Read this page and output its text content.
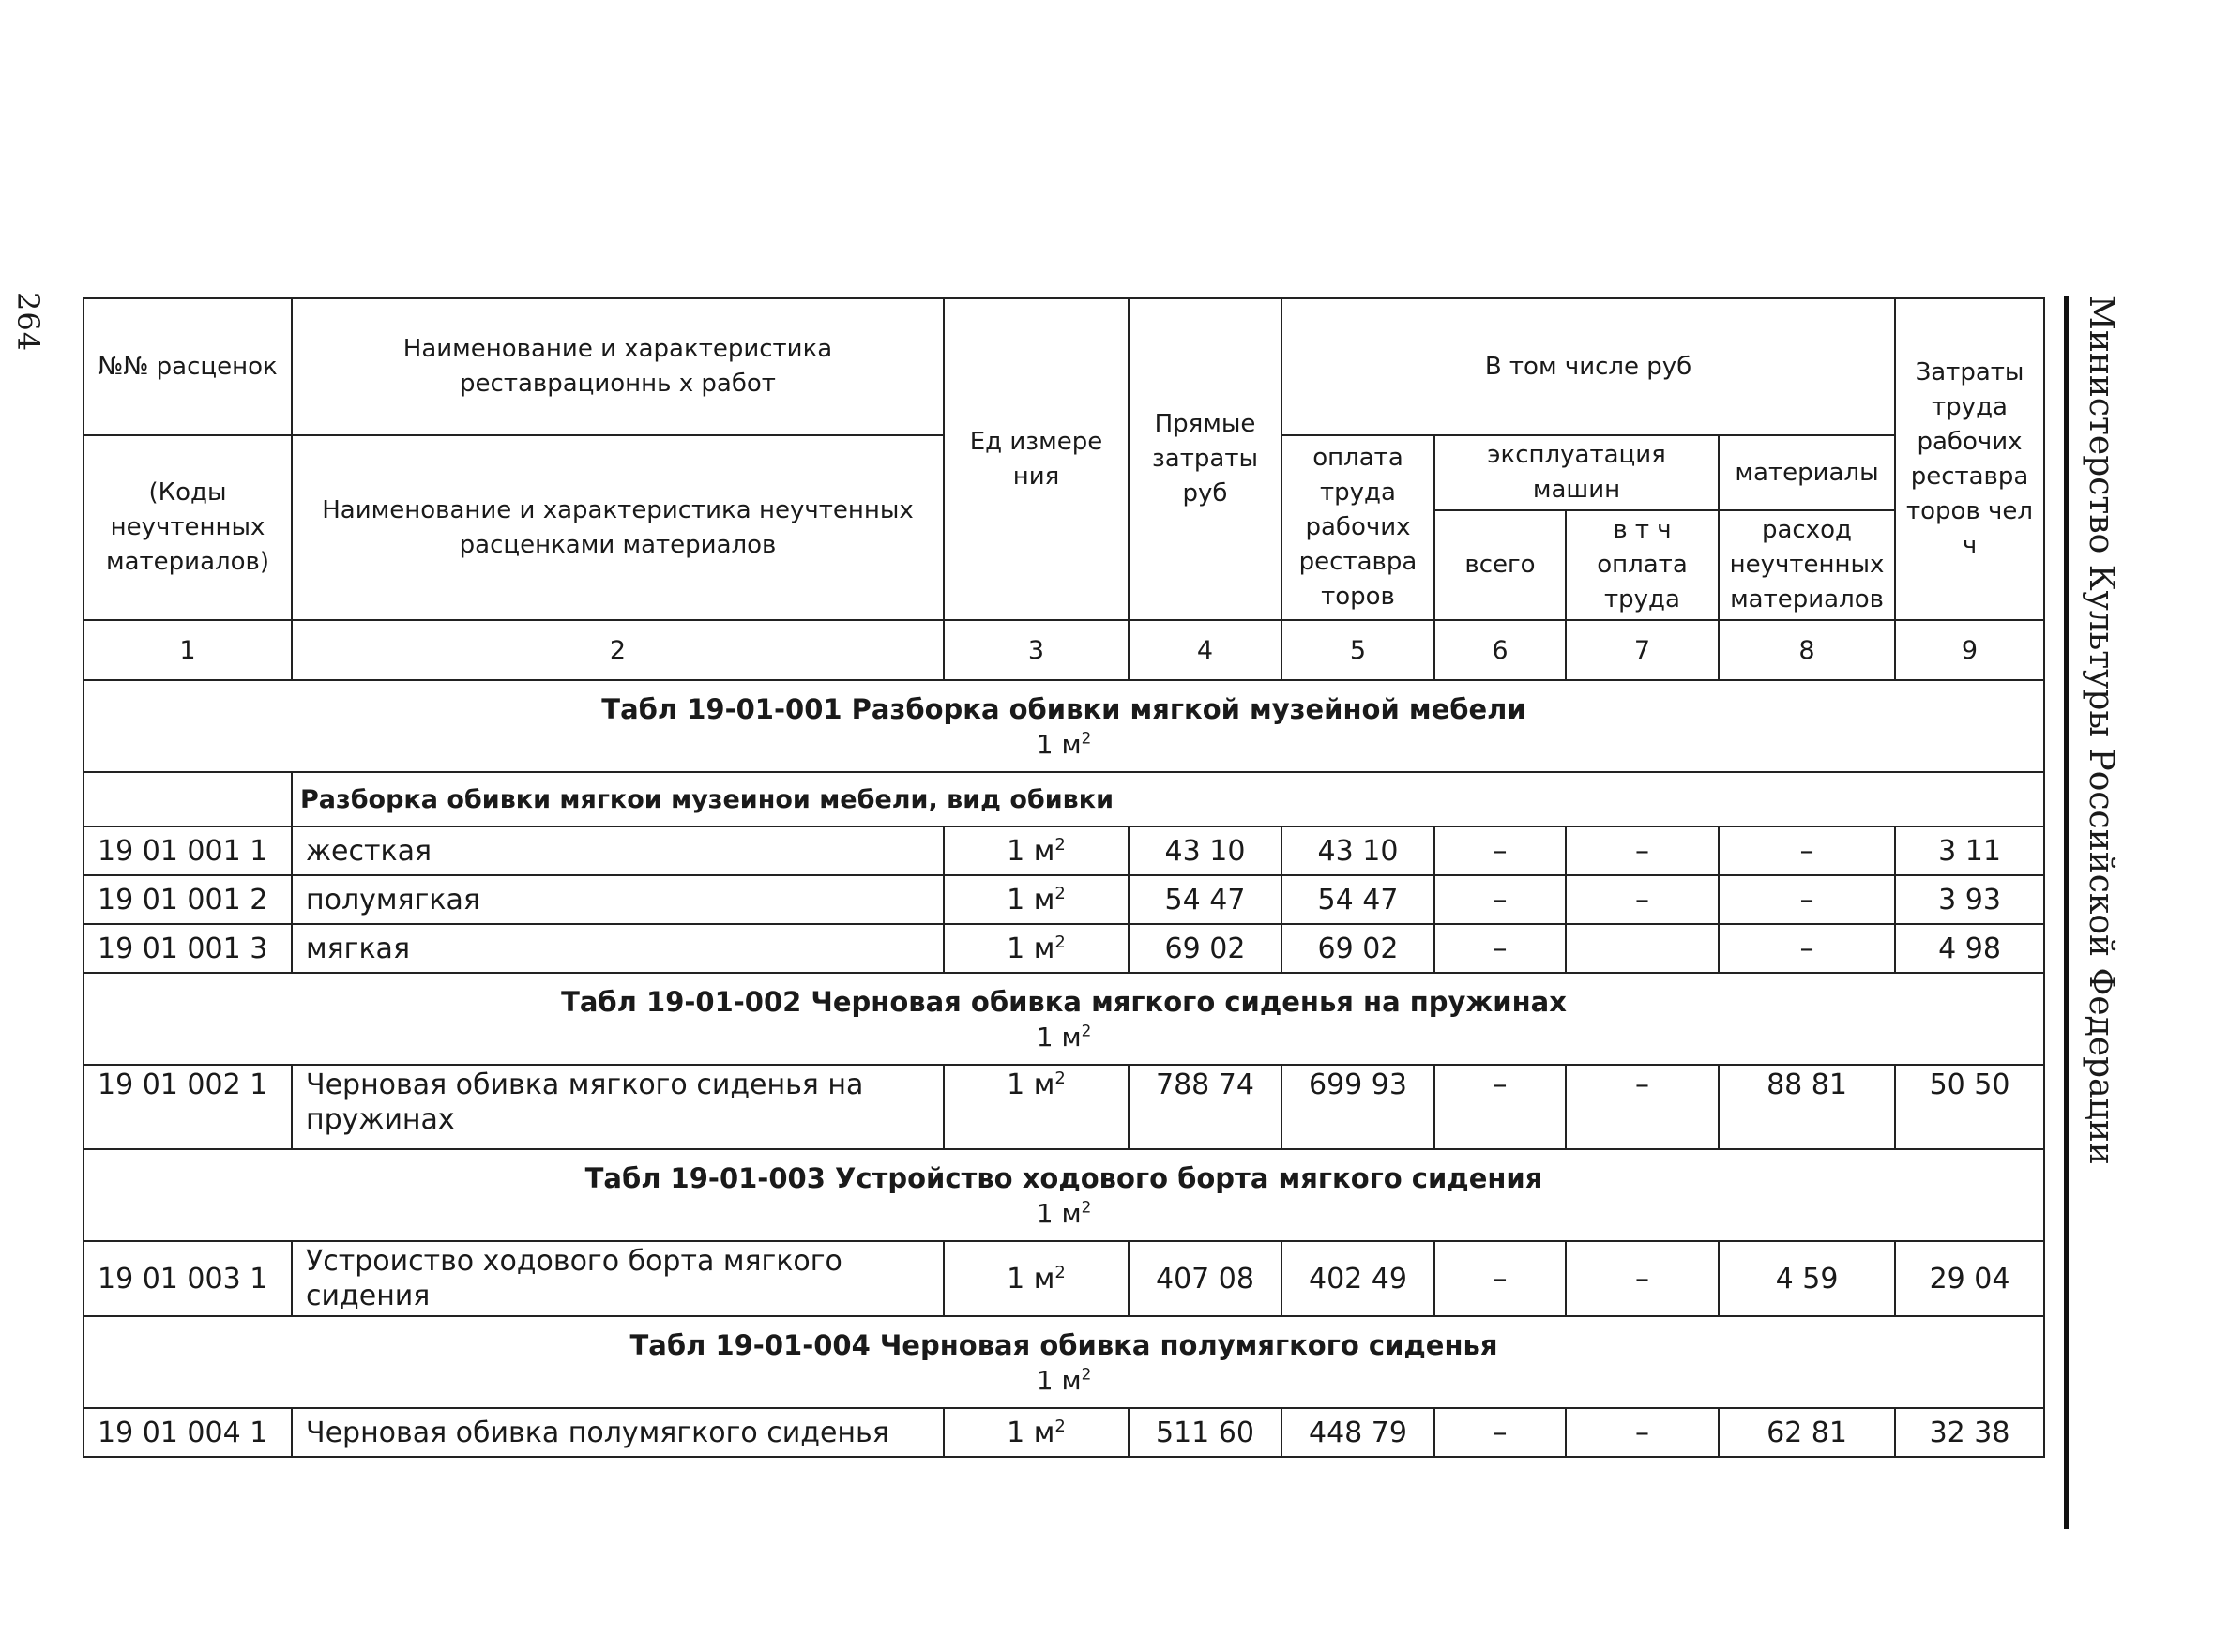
264	Министерство Культуры Российской Федерации
№№ расценок	Наименование и характеристика реставрационнь х работ	Ед измере ния	Прямые затраты руб	В том числе руб				Затраты труда рабочих реставра торов чел ч
(Коды неучтенных материалов)	Наименование и характеристика неучтенных расценками материалов			оплата труда рабочих реставра торов	эксплуатация машин		материалы	
					всего	в т ч оплата труда	расход неучтенных материалов	
1	2	3	4	5	6	7	8	9

Табл 19-01-001 Разборка обивки мягкой музейной мебели
1 $м^2$

	Разборка обивки мягкои музеинои мебели, вид обивки							
19 01 001 1	жесткая	1 $м^2$	43 10	43 10	–	–	–	3 11
19 01 001 2	полумягкая	1 $м^2$	54 47	54 47	–	–	–	3 93
19 01 001 3	мягкая	1 $м^2$	69 02	69 02	–		–	4 98

Табл 19-01-002 Черновая обивка мягкого сиденья на пружинах
1 $м^2$

19 01 002 1	Черновая обивка мягкого сиденья на пружинах	1 $м^2$	788 74	699 93	–	–	88 81	50 50

Табл 19-01-003 Устройство ходового борта мягкого сидения
1 $м^2$

19 01 003 1	Устроиство ходового борта мягкого сидения	1 $м^2$	407 08	402 49	–	–	4 59	29 04

Табл 19-01-004 Черновая обивка полумягкого сиденья
1 $м^2$

19 01 004 1	Черновая обивка полумягкого сиденья	1 $м^2$	511 60	448 79	–	–	62 81	32 38
